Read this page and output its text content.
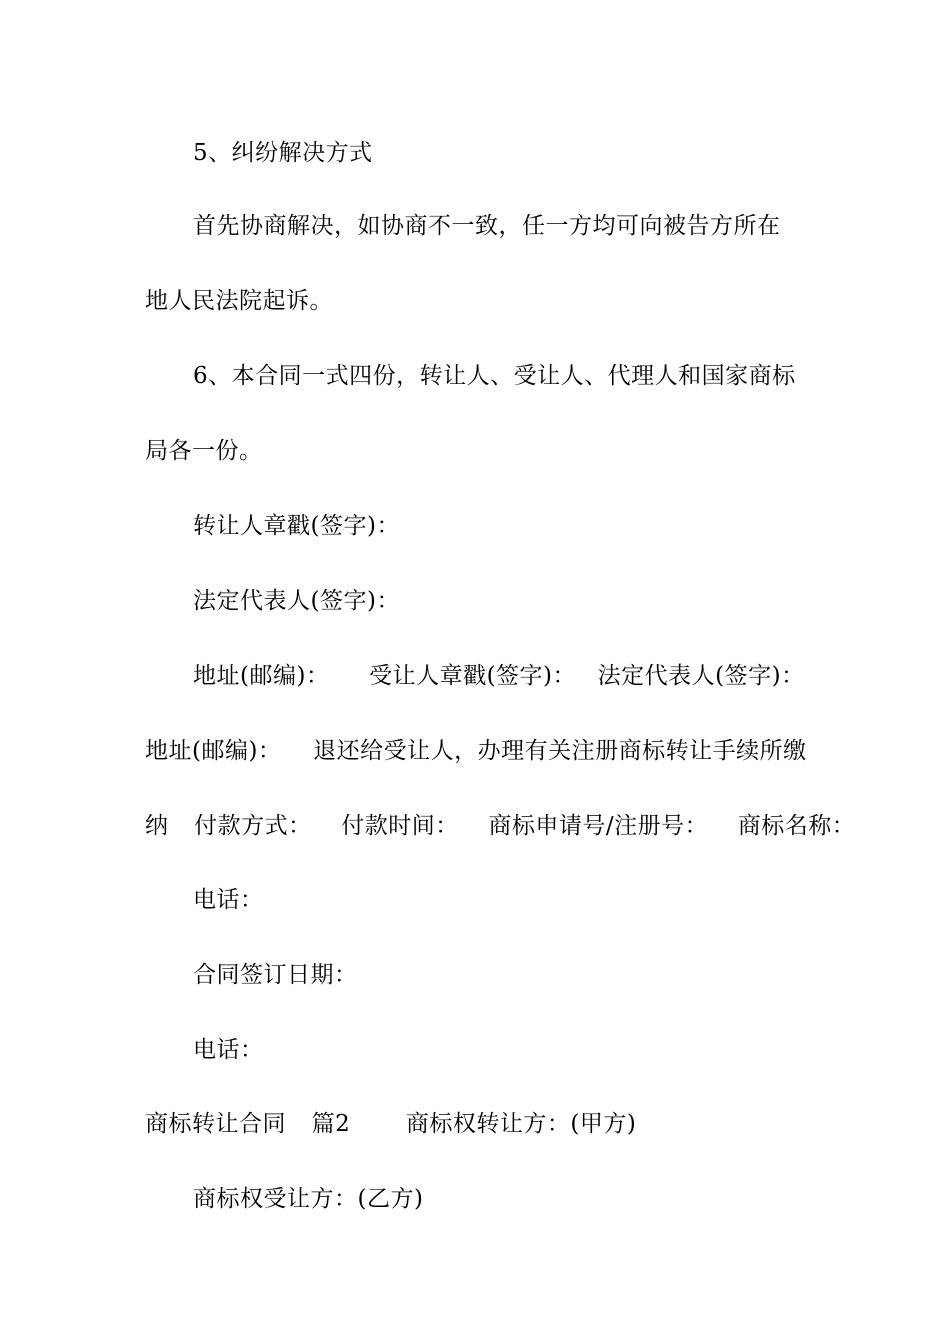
5、纠纷解决方式
首先协商解决，如协商不一致，任一方均可向被告方所在
地人民法院起诉。
6、本合同一式四份，转让人、受让人、代理人和国家商标
局各一份。
转让人章戳(签字)：
法定代表人(签字)：
地址(邮编)： 受让人章戳(签字)： 法定代表人(签字)：
地址(邮编)： 退还给受让人，办理有关注册商标转让手续所缴
纳 付款方式： 付款时间： 商标申请号/注册号： 商标名称：
电话：
合同签订日期：
电话：
商标转让合同 篇2 商标权转让方：(甲方)
商标权受让方：(乙方)
